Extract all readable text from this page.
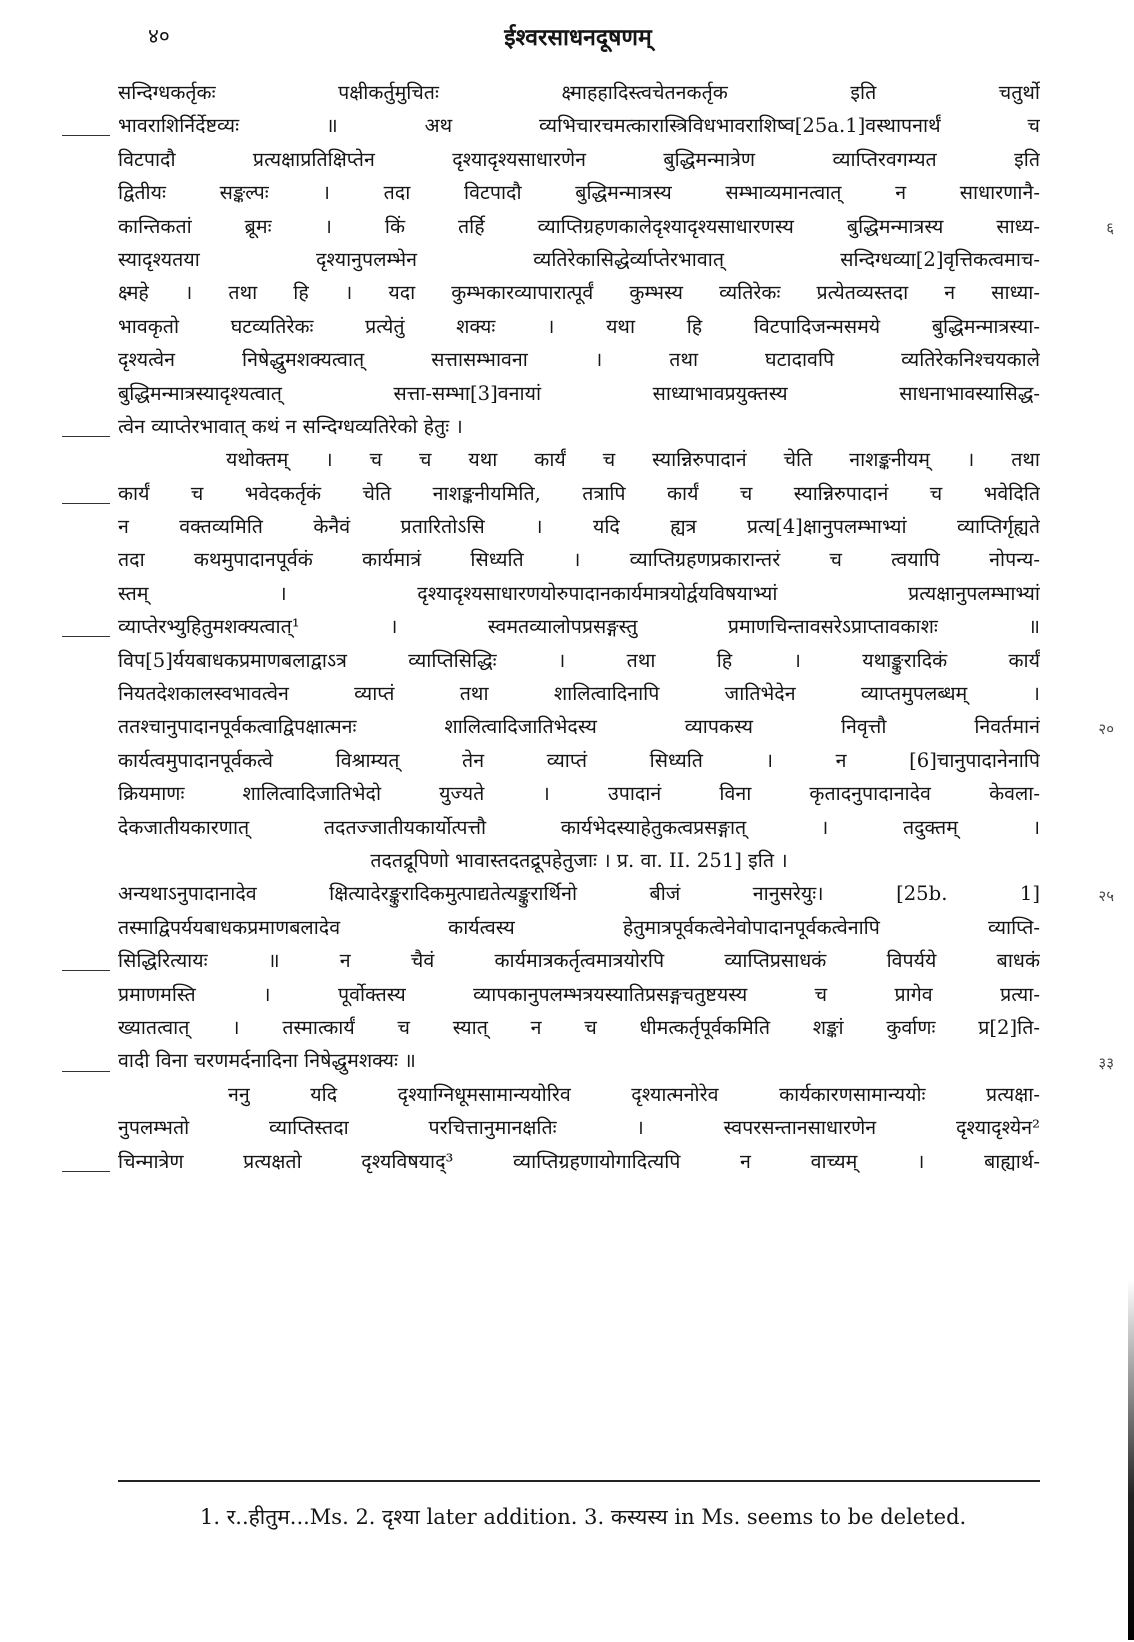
४०	ईश्वरसाधनदूषणम्
सन्दिग्धकर्तृकः पक्षीकर्तुमुचितः क्ष्माहहादिस्त्वचेतनकर्तृक इति चतुर्थो
भावराशिर्निर्देष्टव्यः ॥ अथ व्यभिचारचमत्कारास्त्रिविधभावराशिष्व[25a.1]वस्थापनार्थं च
विटपादौ प्रत्यक्षाप्रतिक्षिप्तेन दृश्यादृश्यसाधारणेन बुद्धिमन्मात्रेण व्याप्तिरवगम्यत इति
द्वितीयः सङ्कल्पः । तदा विटपादौ बुद्धिमन्मात्रस्य सम्भाव्यमानत्वात् न साधारणानै-
कान्तिकतां ब्रूमः । किं तर्हि व्याप्तिग्रहणकालेदृश्यादृश्यसाधारणस्य बुद्धिमन्मात्रस्य साध्य-
स्यादृश्यतया दृश्यानुपलम्भेन व्यतिरेकासिद्धेर्व्याप्तेरभावात् सन्दिग्धव्या[2]वृत्तिकत्वमाच-
क्ष्महे । तथा हि । यदा कुम्भकारव्यापारात्पूर्वं कुम्भस्य व्यतिरेकः प्रत्येतव्यस्तदा न साध्या-
भावकृतो घटव्यतिरेकः प्रत्येतुं शक्यः । यथा हि विटपादिजन्मसमये बुद्धिमन्मात्रस्या-
दृश्यत्वेन निषेद्धुमशक्यत्वात् सत्तासम्भावना । तथा घटादावपि व्यतिरेकनिश्चयकाले
बुद्धिमन्मात्रस्यादृश्यत्वात् सत्ता-सम्भा[3]वनायां साध्याभावप्रयुक्तस्य साधनाभावस्यासिद्ध-
त्वेन व्याप्तेरभावात् कथं न सन्दिग्धव्यतिरेको हेतुः ।
यथोक्तम् । च च यथा कार्यं च स्यान्निरुपादानं चेति नाशङ्कनीयम् । तथा
कार्यं च भवेदकर्तृकं चेति नाशङ्कनीयमिति, तत्रापि कार्यं च स्यान्निरुपादानं च भवेदिति
न वक्तव्यमिति केनैवं प्रतारितोऽसि । यदि ह्यत्र प्रत्य[4]क्षानुपलम्भाभ्यां व्याप्तिर्गृह्यते
तदा कथमुपादानपूर्वकं कार्यमात्रं सिध्यति । व्याप्तिग्रहणप्रकारान्तरं च त्वयापि नोपन्य-
स्तम् । दृश्यादृश्यसाधारणयोरुपादानकार्यमात्रयोर्द्वयविषयाभ्यां प्रत्यक्षानुपलम्भाभ्यां
व्याप्तेरभ्युहितुमशक्यत्वात्¹ । स्वमतव्यालोपप्रसङ्गस्तु प्रमाणचिन्तावसरेऽप्राप्तावकाशः ॥
विप[5]र्ययबाधकप्रमाणबलाद्वाऽत्र व्याप्तिसिद्धिः । तथा हि । यथाङ्कुरादिकं कार्यं
नियतदेशकालस्वभावत्वेन व्याप्तं तथा शालित्वादिनापि जातिभेदेन व्याप्तमुपलब्धम् ।
ततश्चानुपादानपूर्वकत्वाद्विपक्षात्मनः शालित्वादिजातिभेदस्य व्यापकस्य निवृत्तौ निवर्तमानं
कार्यत्वमुपादानपूर्वकत्वे विश्राम्यत् तेन व्याप्तं सिध्यति । न [6]चानुपादानेनापि
क्रियमाणः शालित्वादिजातिभेदो युज्यते । उपादानं विना कृतादनुपादानादेव केवला-
देकजातीयकारणात् तदतज्जातीयकार्योत्पत्तौ कार्यभेदस्याहेतुकत्वप्रसङ्गात् । तदुक्तम् ।
तदतद्रूपिणो भावास्तदतद्रूपहेतुजाः । प्र. वा. II. 251] इति ।
अन्यथाऽनुपादानादेव क्षित्यादेरङ्कुरादिकमुत्पाद्यतेत्यङ्कुरार्थिनो बीजं नानुसरेयुः। [25b. 1]
तस्माद्विपर्ययबाधकप्रमाणबलादेव कार्यत्वस्य हेतुमात्रपूर्वकत्वेनेवोपादानपूर्वकत्वेनापि व्याप्ति-
सिद्धिरित्यायः ॥ न चैवं कार्यमात्रकर्तृत्वमात्रयोरपि व्याप्तिप्रसाधकं विपर्यये बाधकं
प्रमाणमस्ति । पूर्वोक्तस्य व्यापकानुपलम्भत्रयस्यातिप्रसङ्गचतुष्टयस्य च प्रागेव प्रत्या-
ख्यातत्वात् । तस्मात्कार्यं च स्यात् न च धीमत्कर्तृपूर्वकमिति शङ्कां कुर्वाणः प्र[2]ति-
वादी विना चरणमर्दनादिना निषेद्धुमशक्यः ॥
ननु यदि दृश्याग्निधूमसामान्ययोरिव दृश्यात्मनोरेव कार्यकारणसामान्ययोः प्रत्यक्षा-
नुपलम्भतो व्याप्तिस्तदा परचित्तानुमानक्षतिः । स्वपरसन्तानसाधारणेन दृश्यादृश्येन²
चिन्मात्रेण प्रत्यक्षतो दृश्यविषयाद्³ व्याप्तिग्रहणायोगादित्यपि न वाच्यम् । बाह्यार्थ-
६
२०
२५
३३
1. र..हीतुम...Ms. 2. दृश्या later addition. 3. कस्यस्य in Ms. seems to be deleted.
